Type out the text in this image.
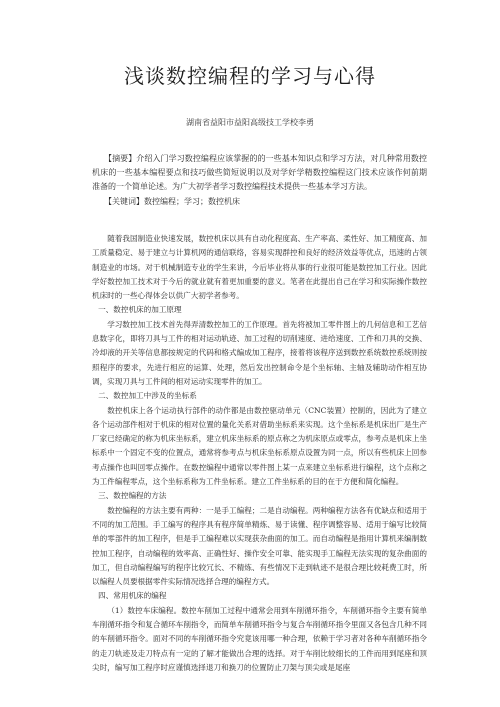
浅谈数控编程的学习与心得
湖南省益阳市益阳高级技工学校李勇

【摘要】介绍入门学习数控编程应该掌握的的一些基本知识点和学习方法，对几种常用数控机床的一些基本编程要点和技巧做些简短说明以及对学好学精数控编程这门技术应该作何前期准备的一个简单论述。为广大初学者学习数控编程技术提供一些基本学习方法。

【关键词】数控编程；学习；数控机床

随着我国制造业快速发展，数控机床以具有自动化程度高、生产率高、柔性好、加工精度高、加工质量稳定、易于建立与计算机网的通信联络，容易实现群控和良好的经济效益等优点，迅速的占领制造业的市场。对于机械制造专业的学生来讲，今后毕业将从事的行业很可能是数控加工行业。因此学好数控加工技术对于今后的就业就有着更加重要的意义。笔者在此提出自己在学习和实际操作数控机床时的一些心得体会以供广大初学者参考。

一、数控机床的加工原理

学习数控加工技术首先得弄清数控加工的工作原理。首先将被加工零件图上的几何信息和工艺信息数字化，即将刀具与工件的相对运动轨迹、加工过程的切削速度、进给速度、工件和刀具的交换、冷却液的开关等信息都按规定的代码和格式编成加工程序，接着将该程序送到数控系统数控系统则按照程序的要求，先进行相应的运算、处理，然后发出控制命令是个坐标轴、主轴及辅助动作相互协调，实现刀具与工件间的相对运动实现零件的加工。

二、数控加工中涉及的坐标系

数控机床上各个运动执行部件的动作都是由数控驱动单元（CNC装置）控制的，因此为了建立各个运动部件相对于机床的相对位置的量化关系对借助坐标系来实现。这个坐标系是机床出厂是生产厂家已经确定的称为机床坐标系，建立机床坐标系的原点称之为机床原点或零点，参考点是机床上坐标系中一个固定不变的位置点，通常将参考点与机床坐标系原点设置为同一点，所以有些机床上回参考点操作也叫回零点操作。在数控编程中通常以零件图上某一点来建立坐标系进行编程，这个点称之为工件编程零点，这个坐标系称为工件坐标系。建立工件坐标系的目的在于方便和简化编程。

三、数控编程的方法

数控编程的方法主要有两种：一是手工编程；二是自动编程。两种编程方法各有优缺点和适用于不同的加工范围。手工编写的程序具有程序简单精炼、易于读懂、程序调整容易、适用于编写比较简单的零部件的加工程序，但是手工编程难以实现获杂曲面的加工。而自动编程是指用计算机来编制数控加工程序，自动编程的效率高、正确性好、操作安全可靠、能实现手工编程无法实现的复杂曲面的加工，但自动编程编写的程序比较冗长、不精炼、有些情况下走到轨迹不是很合理比较耗费工时，所以编程人员要根据零件实际情况选择合理的编程方式。

四、常用机床的编程

（1）数控车床编程。数控车削加工过程中通常会用到车削循环指令，车削循环指令主要有简单车削循环指令和复合循环车削指令，而简单车削循环指令与复合车削循环指令里面又各包含几种不同的车削循环指令。面对不同的车削循环指令究竟该用哪一种合理，依赖于学习者对各种车削循环指令的走刀轨迹及走刀特点有一定的了解才能做出合理的选择。对于车削比较细长的工件而用到尾座和顶尖时，编写加工程序时应谨慎选择退刀和换刀的位置防止刀架与顶尖或是尾座
